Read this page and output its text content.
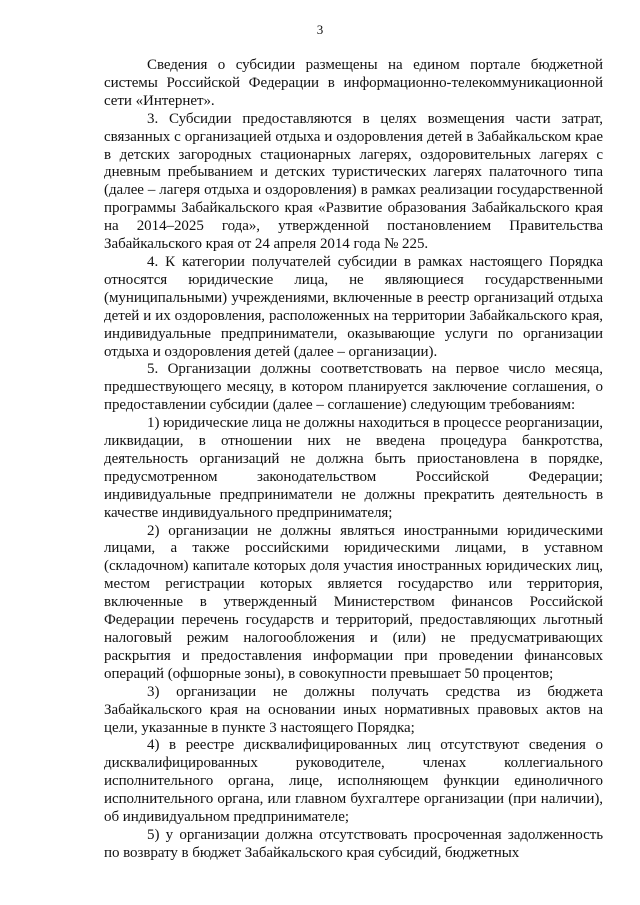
3

Сведения о субсидии размещены на едином портале бюджетной системы Российской Федерации в информационно-телекоммуникационной сети «Интернет».

3. Субсидии предоставляются в целях возмещения части затрат, связанных с организацией отдыха и оздоровления детей в Забайкальском крае в детских загородных стационарных лагерях, оздоровительных лагерях с дневным пребыванием и детских туристических лагерях палаточного типа (далее – лагеря отдыха и оздоровления) в рамках реализации государственной программы Забайкальского края «Развитие образования Забайкальского края на 2014–2025 года», утвержденной постановлением Правительства Забайкальского края от 24 апреля 2014 года № 225.

4. К категории получателей субсидии в рамках настоящего Порядка относятся юридические лица, не являющиеся государственными (муниципальными) учреждениями, включенные в реестр организаций отдыха детей и их оздоровления, расположенных на территории Забайкальского края, индивидуальные предприниматели, оказывающие услуги по организации отдыха и оздоровления детей (далее – организации).

5. Организации должны соответствовать на первое число месяца, предшествующего месяцу, в котором планируется заключение соглашения, о предоставлении субсидии (далее – соглашение) следующим требованиям:

1) юридические лица не должны находиться в процессе реорганизации, ликвидации, в отношении них не введена процедура банкротства, деятельность организаций не должна быть приостановлена в порядке, предусмотренном законодательством Российской Федерации; индивидуальные предприниматели не должны прекратить деятельность в качестве индивидуального предпринимателя;

2) организации не должны являться иностранными юридическими лицами, а также российскими юридическими лицами, в уставном (складочном) капитале которых доля участия иностранных юридических лиц, местом регистрации которых является государство или территория, включенные в утвержденный Министерством финансов Российской Федерации перечень государств и территорий, предоставляющих льготный налоговый режим налогообложения и (или) не предусматривающих раскрытия и предоставления информации при проведении финансовых операций (офшорные зоны), в совокупности превышает 50 процентов;

3) организации не должны получать средства из бюджета Забайкальского края на основании иных нормативных правовых актов на цели, указанные в пункте 3 настоящего Порядка;

4) в реестре дисквалифицированных лиц отсутствуют сведения о дисквалифицированных руководителе, членах коллегиального исполнительного органа, лице, исполняющем функции единоличного исполнительного органа, или главном бухгалтере организации (при наличии), об индивидуальном предпринимателе;

5) у организации должна отсутствовать просроченная задолженность по возврату в бюджет Забайкальского края субсидий, бюджетных
